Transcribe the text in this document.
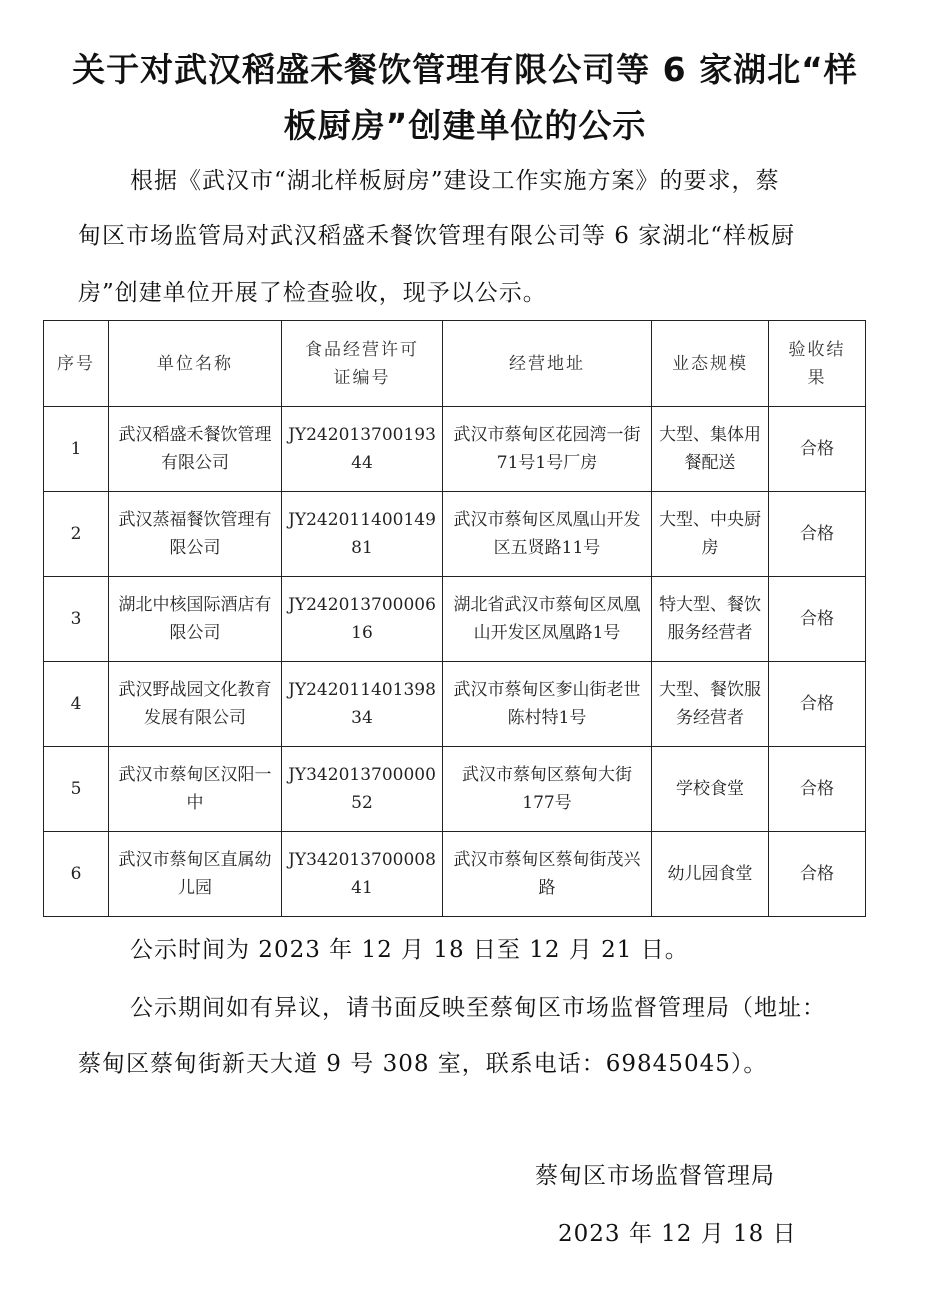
关于对武汉稻盛禾餐饮管理有限公司等 6 家湖北“样
板厨房”创建单位的公示
根据《武汉市“湖北样板厨房”建设工作实施方案》的要求，蔡
甸区市场监管局对武汉稻盛禾餐饮管理有限公司等 6 家湖北“样板厨
房”创建单位开展了检查验收，现予以公示。
序号	单位名称	食品经营许可证编号	经营地址	业态规模	验收结果
1	武汉稻盛禾餐饮管理有限公司	JY24201370019344	武汉市蔡甸区花园湾一街71号1号厂房	大型、集体用餐配送	合格
2	武汉蒸福餐饮管理有限公司	JY24201140014981	武汉市蔡甸区凤凰山开发区五贤路11号	大型、中央厨房	合格
3	湖北中核国际酒店有限公司	JY24201370000616	湖北省武汉市蔡甸区凤凰山开发区凤凰路1号	特大型、餐饮服务经营者	合格
4	武汉野战园文化教育发展有限公司	JY24201140139834	武汉市蔡甸区奓山街老世陈村特1号	大型、餐饮服务经营者	合格
5	武汉市蔡甸区汉阳一中	JY34201370000052	武汉市蔡甸区蔡甸大街177号	学校食堂	合格
6	武汉市蔡甸区直属幼儿园	JY34201370000841	武汉市蔡甸区蔡甸街茂兴路	幼儿园食堂	合格
公示时间为 2023 年 12 月 18 日至 12 月 21 日。
公示期间如有异议，请书面反映至蔡甸区市场监督管理局（地址：
蔡甸区蔡甸街新天大道 9 号 308 室，联系电话：69845045）。
蔡甸区市场监督管理局
2023 年 12 月 18 日
